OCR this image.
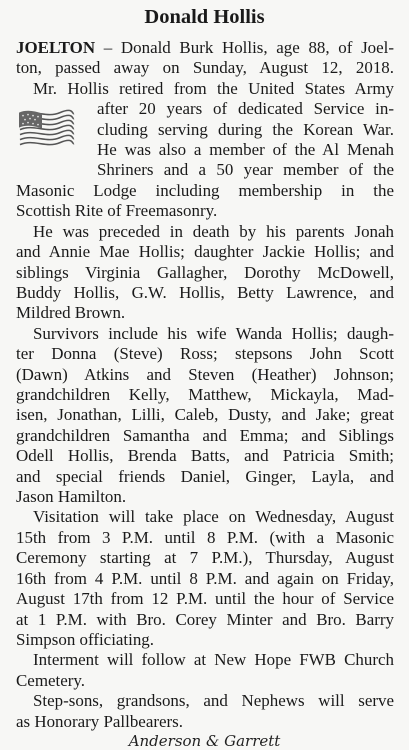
Donald Hollis
JOELTON – Donald Burk Hollis, age 88, of Joel-
ton, passed away on Sunday, August 12, 2018.
Mr. Hollis retired from the United States Army
after 20 years of dedicated Service in-
cluding serving during the Korean War.
He was also a member of the Al Menah
Shriners and a 50 year member of the
Masonic Lodge including membership in the
Scottish Rite of Freemasonry.
He was preceded in death by his parents Jonah
and Annie Mae Hollis; daughter Jackie Hollis; and
siblings Virginia Gallagher, Dorothy McDowell,
Buddy Hollis, G.W. Hollis, Betty Lawrence, and
Mildred Brown.
Survivors include his wife Wanda Hollis; daugh-
ter Donna (Steve) Ross; stepsons John Scott
(Dawn) Atkins and Steven (Heather) Johnson;
grandchildren Kelly, Matthew, Mickayla, Mad-
isen, Jonathan, Lilli, Caleb, Dusty, and Jake; great
grandchildren Samantha and Emma; and Siblings
Odell Hollis, Brenda Batts, and Patricia Smith;
and special friends Daniel, Ginger, Layla, and
Jason Hamilton.
Visitation will take place on Wednesday, August
15th from 3 P.M. until 8 P.M. (with a Masonic
Ceremony starting at 7 P.M.), Thursday, August
16th from 4 P.M. until 8 P.M. and again on Friday,
August 17th from 12 P.M. until the hour of Service
at 1 P.M. with Bro. Corey Minter and Bro. Barry
Simpson officiating.
Interment will follow at New Hope FWB Church
Cemetery.
Step-sons, grandsons, and Nephews will serve
as Honorary Pallbearers.
Anderson & Garrett
